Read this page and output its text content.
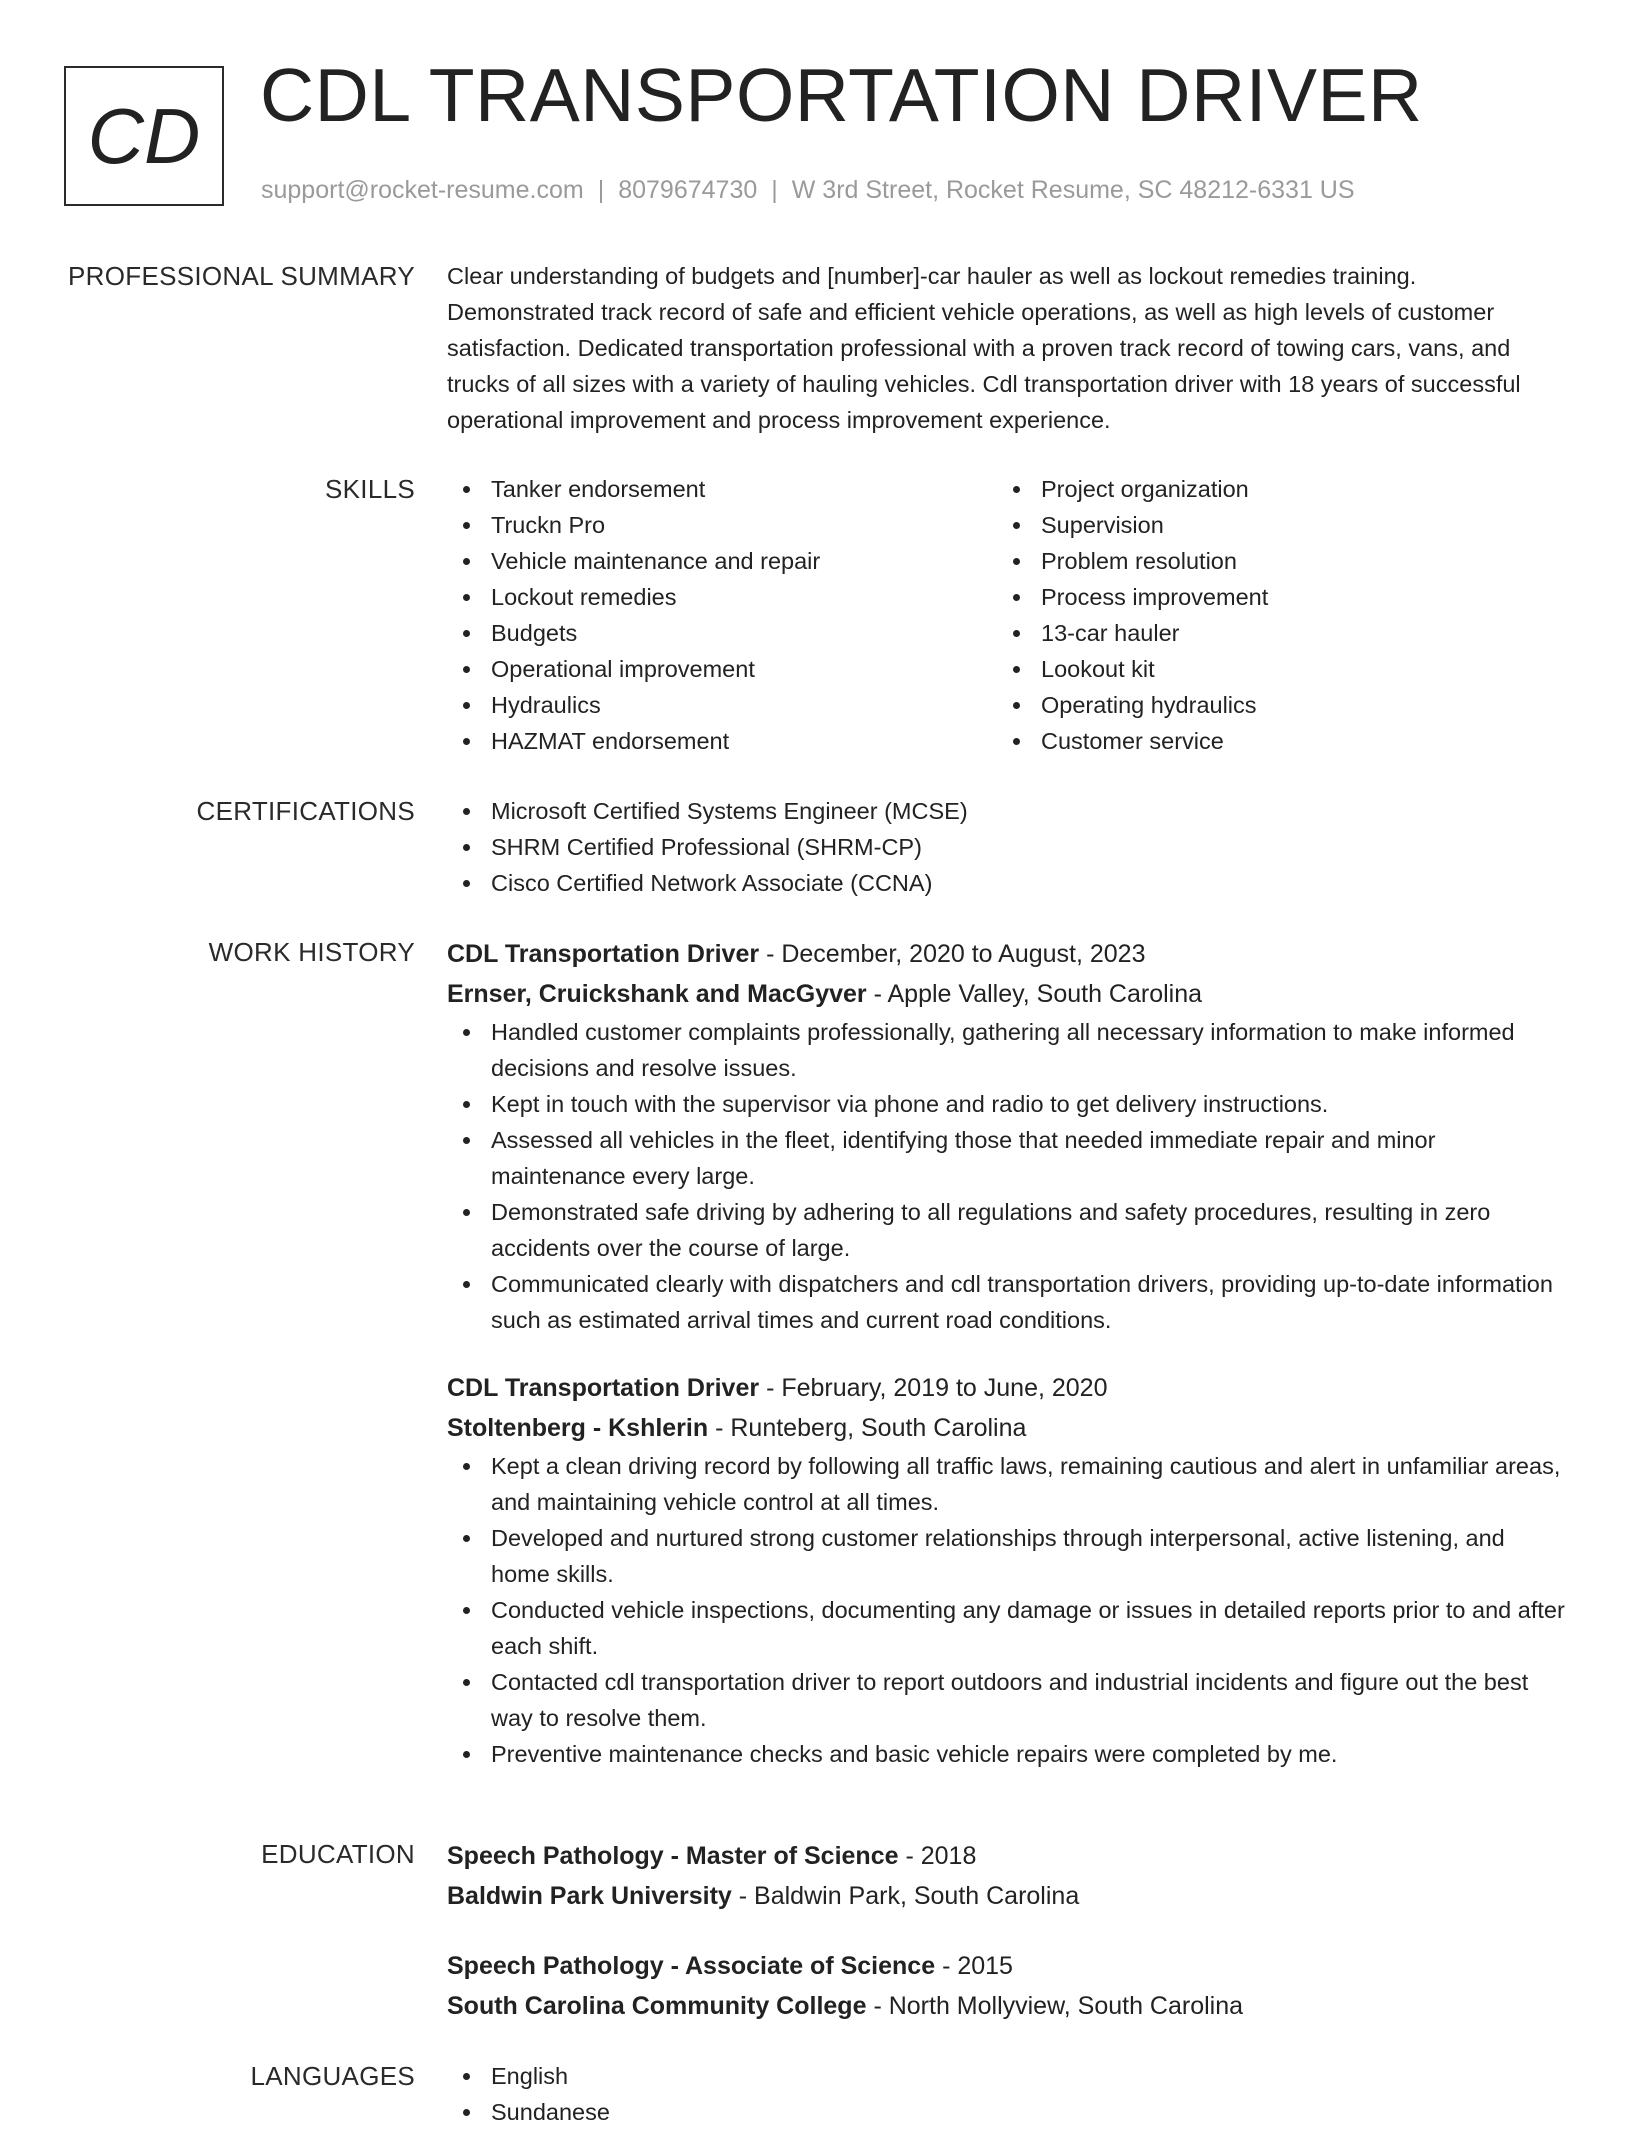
CD CDL TRANSPORTATION DRIVER
support@rocket-resume.com | 8079674730 | W 3rd Street, Rocket Resume, SC 48212-6331 US
PROFESSIONAL SUMMARY Clear understanding of budgets and [number]-car hauler as well as lockout remedies training. Demonstrated track record of safe and efficient vehicle operations, as well as high levels of customer satisfaction. Dedicated transportation professional with a proven track record of towing cars, vans, and trucks of all sizes with a variety of hauling vehicles. Cdl transportation driver with 18 years of successful operational improvement and process improvement experience.

SKILLS	Tanker endorsement
Truckn Pro
Vehicle maintenance and repair
Lockout remedies
Budgets
Operational improvement
Hydraulics
HAZMAT endorsement
Project organization
Supervision
Problem resolution
Process improvement
13-car hauler
Lookout kit
Operating hydraulics
Customer service
CERTIFICATIONS	Microsoft Certified Systems Engineer (MCSE)
SHRM Certified Professional (SHRM-CP)
Cisco Certified Network Associate (CCNA)
WORK HISTORY CDL Transportation Driver - December, 2020 to August, 2023
Ernser, Cruickshank and MacGyver - Apple Valley, South Carolina
Handled customer complaints professionally, gathering all necessary information to make informed decisions and resolve issues.
Kept in touch with the supervisor via phone and radio to get delivery instructions.
Assessed all vehicles in the fleet, identifying those that needed immediate repair and minor maintenance every large.
Demonstrated safe driving by adhering to all regulations and safety procedures, resulting in zero accidents over the course of large.
Communicated clearly with dispatchers and cdl transportation drivers, providing up-to-date information such as estimated arrival times and current road conditions.
CDL Transportation Driver - February, 2019 to June, 2020
Stoltenberg - Kshlerin - Runteberg, South Carolina
Kept a clean driving record by following all traffic laws, remaining cautious and alert in unfamiliar areas, and maintaining vehicle control at all times.
Developed and nurtured strong customer relationships through interpersonal, active listening, and home skills.
Conducted vehicle inspections, documenting any damage or issues in detailed reports prior to and after each shift.
Contacted cdl transportation driver to report outdoors and industrial incidents and figure out the best way to resolve them.
Preventive maintenance checks and basic vehicle repairs were completed by me.
EDUCATION Speech Pathology - Master of Science - 2018
Baldwin Park University - Baldwin Park, South Carolina
Speech Pathology - Associate of Science - 2015
South Carolina Community College - North Mollyview, South Carolina
LANGUAGES	English
Sundanese
